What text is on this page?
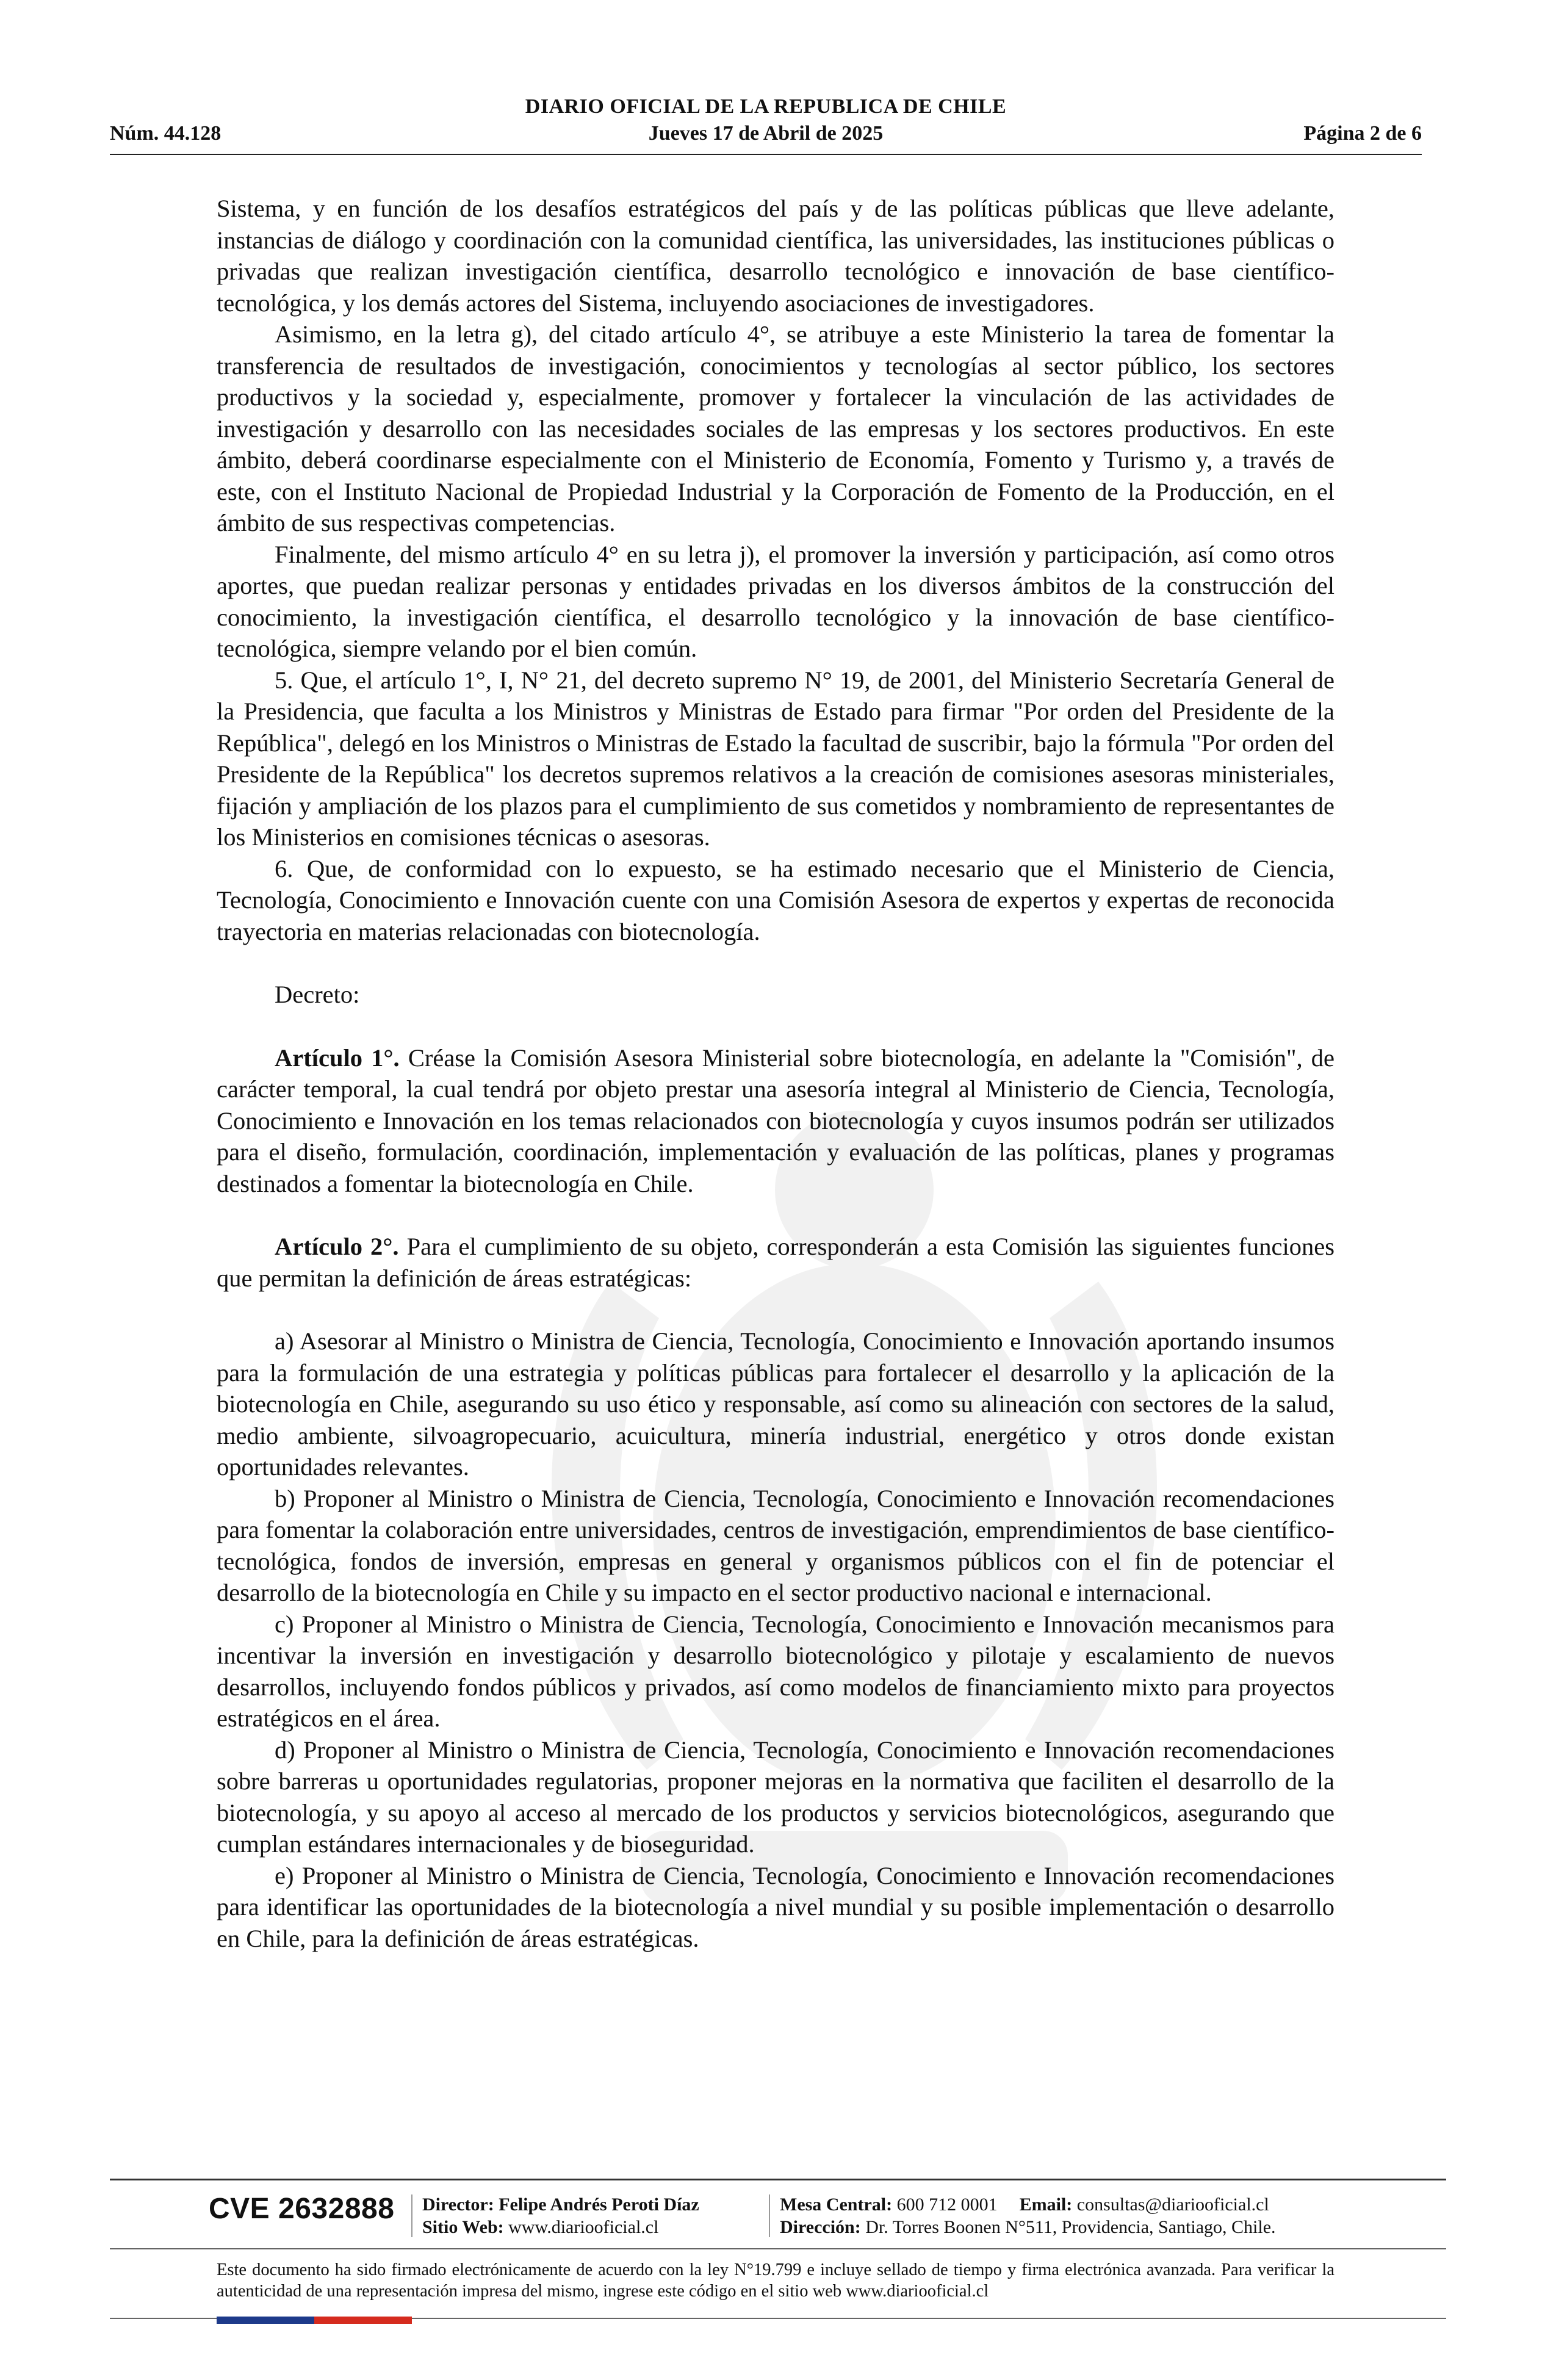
DIARIO OFICIAL DE LA REPUBLICA DE CHILE
Núm. 44.128	Jueves 17 de Abril de 2025	Página 2 de 6

Sistema, y en función de los desafíos estratégicos del país y de las políticas públicas que lleve adelante, instancias de diálogo y coordinación con la comunidad científica, las universidades, las instituciones públicas o privadas que realizan investigación científica, desarrollo tecnológico e innovación de base científico-tecnológica, y los demás actores del Sistema, incluyendo asociaciones de investigadores.

Asimismo, en la letra g), del citado artículo 4°, se atribuye a este Ministerio la tarea de fomentar la transferencia de resultados de investigación, conocimientos y tecnologías al sector público, los sectores productivos y la sociedad y, especialmente, promover y fortalecer la vinculación de las actividades de investigación y desarrollo con las necesidades sociales de las empresas y los sectores productivos. En este ámbito, deberá coordinarse especialmente con el Ministerio de Economía, Fomento y Turismo y, a través de este, con el Instituto Nacional de Propiedad Industrial y la Corporación de Fomento de la Producción, en el ámbito de sus respectivas competencias.

Finalmente, del mismo artículo 4° en su letra j), el promover la inversión y participación, así como otros aportes, que puedan realizar personas y entidades privadas en los diversos ámbitos de la construcción del conocimiento, la investigación científica, el desarrollo tecnológico y la innovación de base científico-tecnológica, siempre velando por el bien común.

5. Que, el artículo 1°, I, N° 21, del decreto supremo N° 19, de 2001, del Ministerio Secretaría General de la Presidencia, que faculta a los Ministros y Ministras de Estado para firmar "Por orden del Presidente de la República", delegó en los Ministros o Ministras de Estado la facultad de suscribir, bajo la fórmula "Por orden del Presidente de la República" los decretos supremos relativos a la creación de comisiones asesoras ministeriales, fijación y ampliación de los plazos para el cumplimiento de sus cometidos y nombramiento de representantes de los Ministerios en comisiones técnicas o asesoras.

6. Que, de conformidad con lo expuesto, se ha estimado necesario que el Ministerio de Ciencia, Tecnología, Conocimiento e Innovación cuente con una Comisión Asesora de expertos y expertas de reconocida trayectoria en materias relacionadas con biotecnología.

Decreto:

Artículo 1°. Créase la Comisión Asesora Ministerial sobre biotecnología, en adelante la "Comisión", de carácter temporal, la cual tendrá por objeto prestar una asesoría integral al Ministerio de Ciencia, Tecnología, Conocimiento e Innovación en los temas relacionados con biotecnología y cuyos insumos podrán ser utilizados para el diseño, formulación, coordinación, implementación y evaluación de las políticas, planes y programas destinados a fomentar la biotecnología en Chile.

Artículo 2°. Para el cumplimiento de su objeto, corresponderán a esta Comisión las siguientes funciones que permitan la definición de áreas estratégicas:

a) Asesorar al Ministro o Ministra de Ciencia, Tecnología, Conocimiento e Innovación aportando insumos para la formulación de una estrategia y políticas públicas para fortalecer el desarrollo y la aplicación de la biotecnología en Chile, asegurando su uso ético y responsable, así como su alineación con sectores de la salud, medio ambiente, silvoagropecuario, acuicultura, minería industrial, energético y otros donde existan oportunidades relevantes.

b) Proponer al Ministro o Ministra de Ciencia, Tecnología, Conocimiento e Innovación recomendaciones para fomentar la colaboración entre universidades, centros de investigación, emprendimientos de base científico-tecnológica, fondos de inversión, empresas en general y organismos públicos con el fin de potenciar el desarrollo de la biotecnología en Chile y su impacto en el sector productivo nacional e internacional.

c) Proponer al Ministro o Ministra de Ciencia, Tecnología, Conocimiento e Innovación mecanismos para incentivar la inversión en investigación y desarrollo biotecnológico y pilotaje y escalamiento de nuevos desarrollos, incluyendo fondos públicos y privados, así como modelos de financiamiento mixto para proyectos estratégicos en el área.

d) Proponer al Ministro o Ministra de Ciencia, Tecnología, Conocimiento e Innovación recomendaciones sobre barreras u oportunidades regulatorias, proponer mejoras en la normativa que faciliten el desarrollo de la biotecnología, y su apoyo al acceso al mercado de los productos y servicios biotecnológicos, asegurando que cumplan estándares internacionales y de bioseguridad.

e) Proponer al Ministro o Ministra de Ciencia, Tecnología, Conocimiento e Innovación recomendaciones para identificar las oportunidades de la biotecnología a nivel mundial y su posible implementación o desarrollo en Chile, para la definición de áreas estratégicas.

CVE 2632888 Director: Felipe Andrés Peroti Díaz
Sitio Web: www.diariooficial.cl
Mesa Central: 600 712 0001 Email: consultas@diariooficial.cl
Dirección: Dr. Torres Boonen N°511, Providencia, Santiago, Chile.
Este documento ha sido firmado electrónicamente de acuerdo con la ley N°19.799 e incluye sellado de tiempo y firma electrónica avanzada. Para verificar la autenticidad de una representación impresa del mismo, ingrese este código en el sitio web www.diariooficial.cl
